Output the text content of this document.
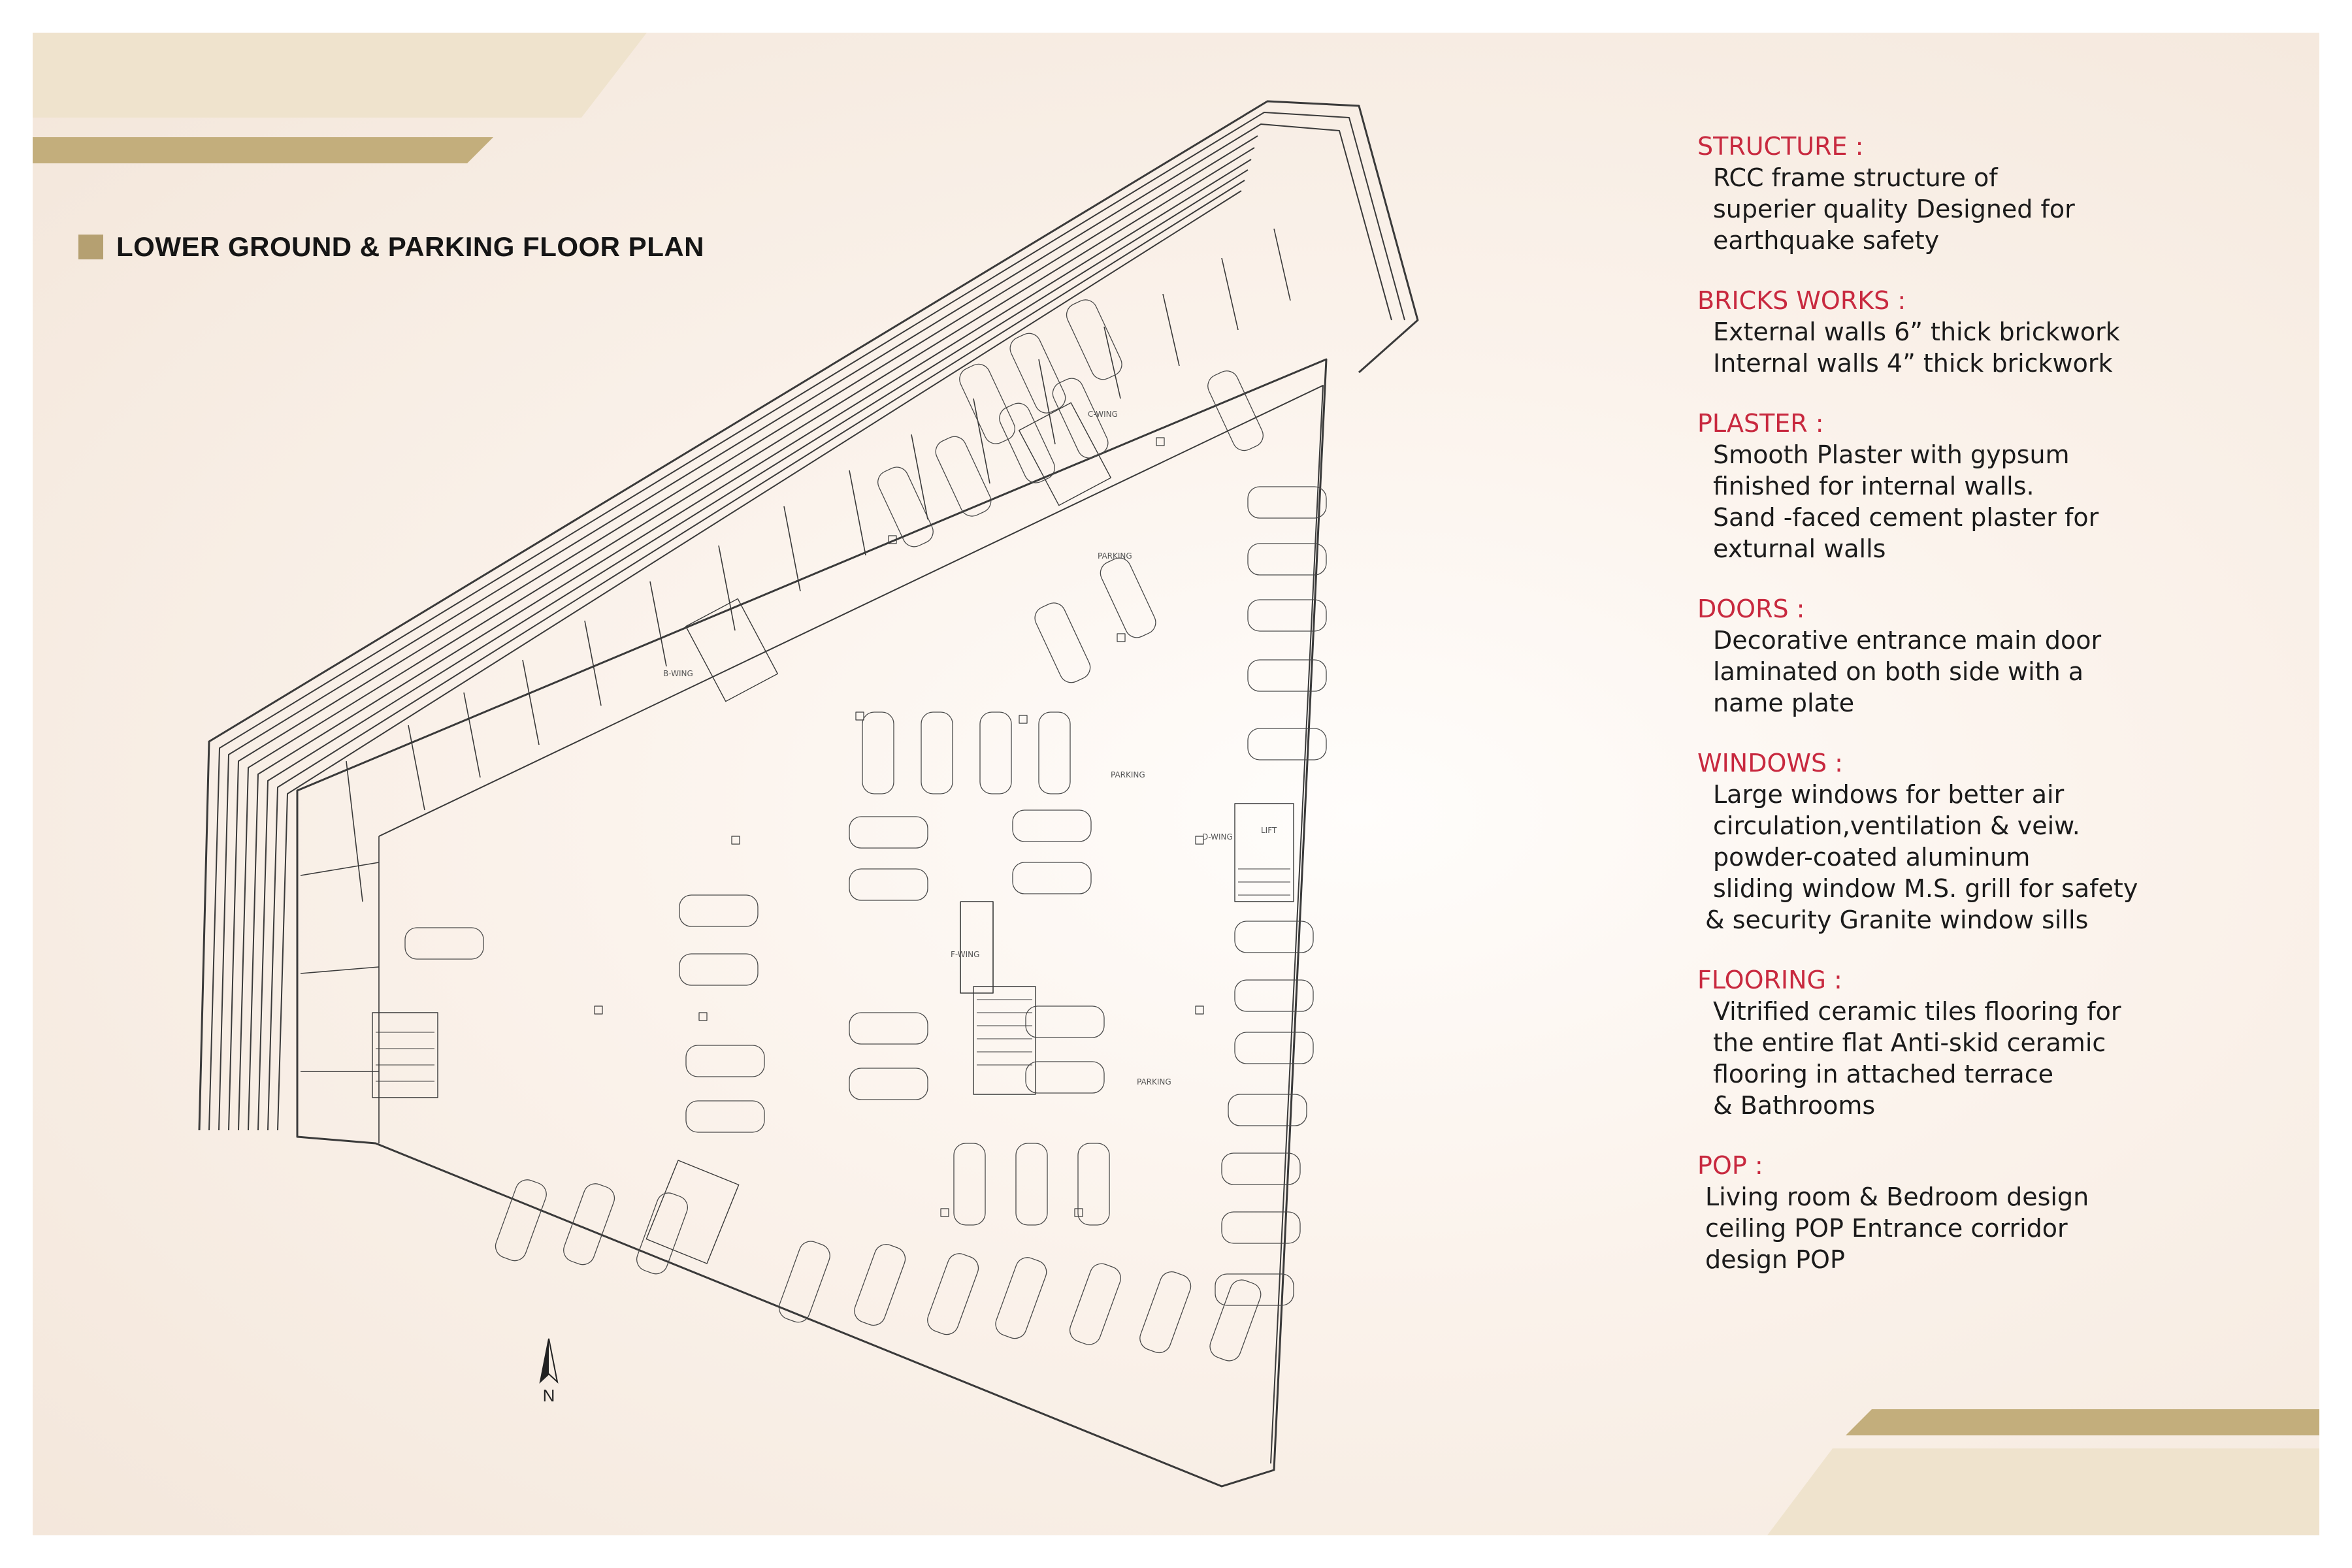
LOWER GROUND & PARKING FLOOR PLAN
PARKING
PARKING
PARKING
B-WING
C-WING
D-WING
F-WING
LIFT
N
STRUCTURE :
RCC frame structure of
superier quality Designed for
earthquake safety
BRICKS WORKS :
External walls 6” thick brickwork
Internal walls 4” thick brickwork
PLASTER :
Smooth Plaster with gypsum
finished for internal walls.
Sand -faced cement plaster for
exturnal walls
DOORS :
Decorative entrance main door
laminated on both side with a
name plate
WINDOWS :
Large windows for better air
circulation,ventilation & veiw.
powder-coated aluminum
sliding window M.S. grill for safety
& security Granite window sills
FLOORING :
Vitrified ceramic tiles flooring for
the entire flat Anti-skid ceramic
flooring in attached terrace
& Bathrooms
POP :
Living room & Bedroom design
ceiling POP Entrance corridor
design POP
